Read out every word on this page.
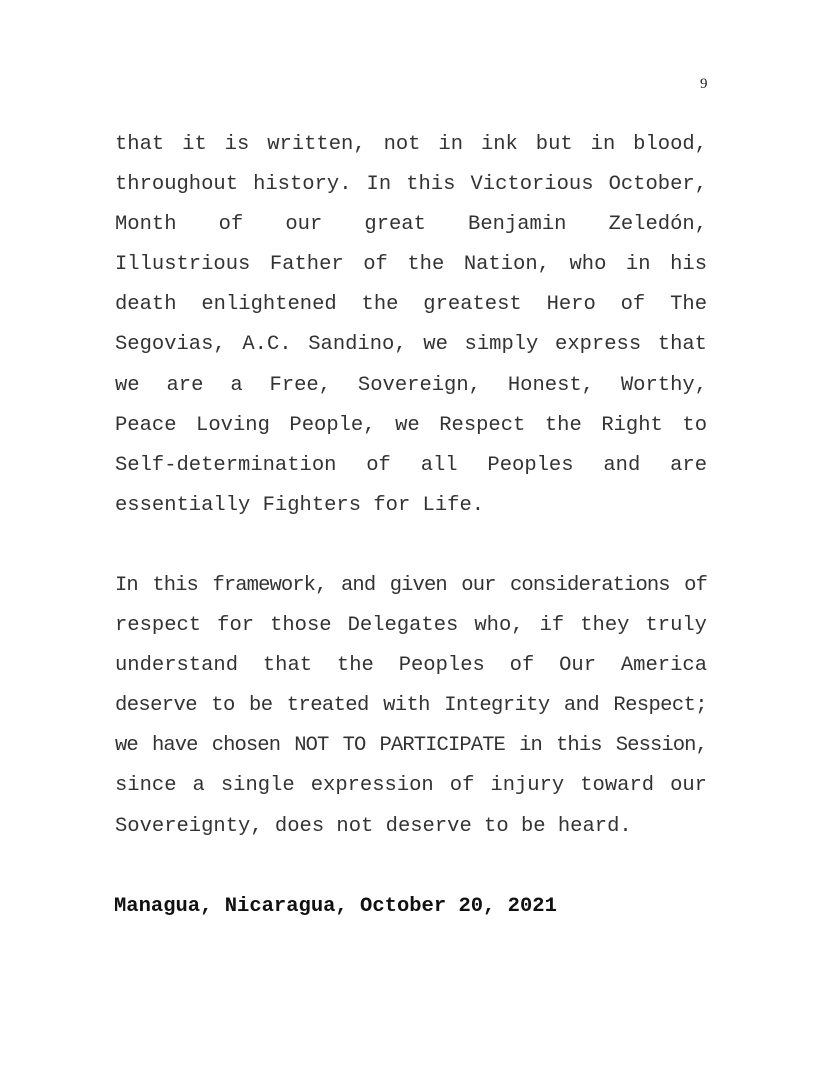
9
that it is written, not in ink but in blood,
throughout history. In this Victorious October,
Month of our great Benjamin Zeledón,
Illustrious Father of the Nation, who in his
death enlightened the greatest Hero of The
Segovias, A.C. Sandino, we simply express that
we are a Free, Sovereign, Honest, Worthy,
Peace Loving People, we Respect the Right to
Self-determination of all Peoples and are
essentially Fighters for Life.
In this framework, and given our considerations of
respect for those Delegates who, if they truly
understand that the Peoples of Our America
deserve to be treated with Integrity and Respect;
we have chosen NOT TO PARTICIPATE in this Session,
since a single expression of injury toward our
Sovereignty, does not deserve to be heard.
Managua, Nicaragua, October 20, 2021
